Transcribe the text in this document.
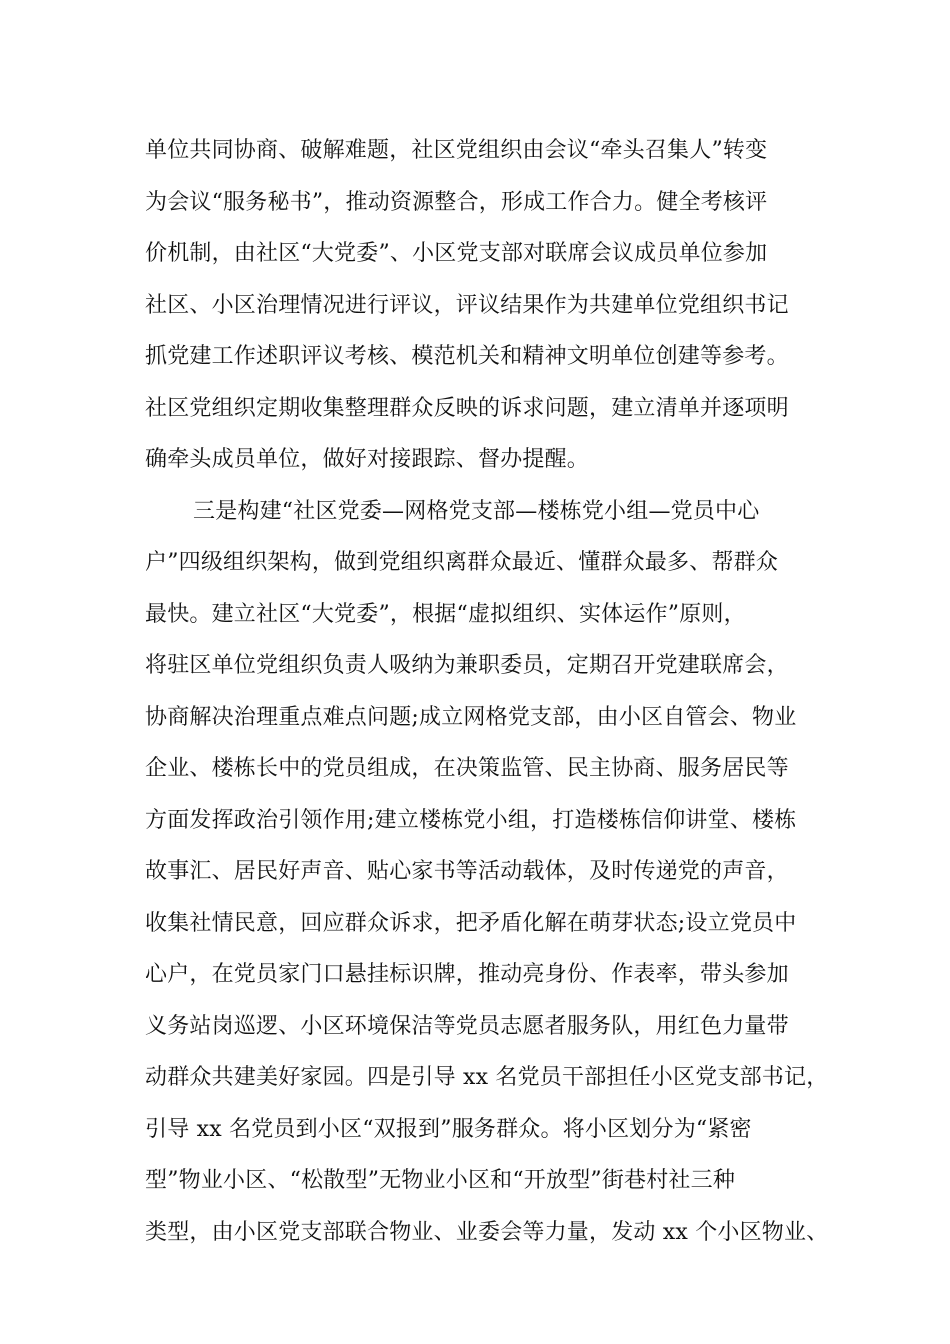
单位共同协商、破解难题，社区党组织由会议“牵头召集人”转变
为会议“服务秘书”，推动资源整合，形成工作合力。健全考核评
价机制，由社区“大党委”、小区党支部对联席会议成员单位参加
社区、小区治理情况进行评议，评议结果作为共建单位党组织书记
抓党建工作述职评议考核、模范机关和精神文明单位创建等参考。
社区党组织定期收集整理群众反映的诉求问题，建立清单并逐项明
确牵头成员单位，做好对接跟踪、督办提醒。
三是构建“社区党委—网格党支部—楼栋党小组—党员中心
户”四级组织架构，做到党组织离群众最近、懂群众最多、帮群众
最快。建立社区“大党委”，根据“虚拟组织、实体运作”原则，
将驻区单位党组织负责人吸纳为兼职委员，定期召开党建联席会，
协商解决治理重点难点问题;成立网格党支部，由小区自管会、物业
企业、楼栋长中的党员组成，在决策监管、民主协商、服务居民等
方面发挥政治引领作用;建立楼栋党小组，打造楼栋信仰讲堂、楼栋
故事汇、居民好声音、贴心家书等活动载体，及时传递党的声音，
收集社情民意，回应群众诉求，把矛盾化解在萌芽状态;设立党员中
心户，在党员家门口悬挂标识牌，推动亮身份、作表率，带头参加
义务站岗巡逻、小区环境保洁等党员志愿者服务队，用红色力量带
动群众共建美好家园。四是引导 xx 名党员干部担任小区党支部书记，
引导 xx 名党员到小区“双报到”服务群众。将小区划分为“紧密
型”物业小区、“松散型”无物业小区和“开放型”街巷村社三种
类型，由小区党支部联合物业、业委会等力量，发动 xx 个小区物业、
